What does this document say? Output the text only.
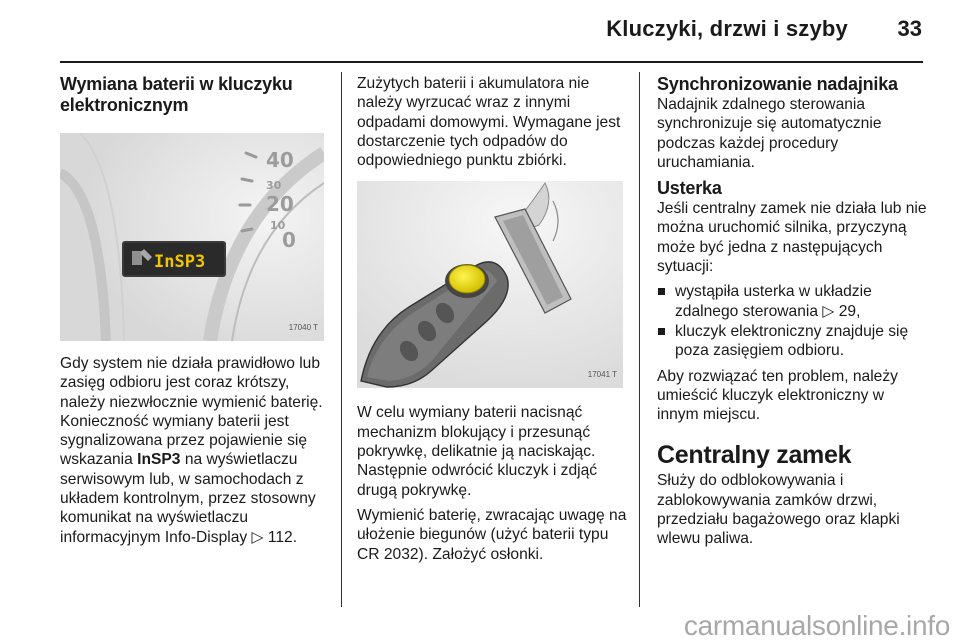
Kluczyki, drzwi i szyby 33
Wymiana baterii w kluczyku elektronicznym
40
30
20
10
0
InSP3
17040 T

Gdy system nie działa prawidłowo lub zasięg odbioru jest coraz krótszy, należy niezwłocznie wymienić baterię. Konieczność wymiany baterii jest sygnalizowana przez pojawienie się wskazania InSP3 na wyświetlaczu serwisowym lub, w samochodach z układem kontrolnym, przez stosowny komunikat na wyświetlaczu informacyjnym Info-Display ▷ 112.

Zużytych baterii i akumulatora nie należy wyrzucać wraz z innymi odpadami domowymi. Wymagane jest dostarczenie tych odpadów do odpowiedniego punktu zbiórki.

17041 T

W celu wymiany baterii nacisnąć mechanizm blokujący i przesunąć pokrywkę, delikatnie ją naciskając. Następnie odwrócić kluczyk i zdjąć drugą pokrywkę.

Wymienić baterię, zwracając uwagę na ułożenie biegunów (użyć baterii typu CR 2032). Założyć osłonki.

Synchronizowanie nadajnika

Nadajnik zdalnego sterowania synchronizuje się automatycznie podczas każdej procedury uruchamiania.

Usterka

Jeśli centralny zamek nie działa lub nie można uruchomić silnika, przyczyną może być jedna z następujących sytuacji:

wystąpiła usterka w układzie zdalnego sterowania ▷ 29,
kluczyk elektroniczny znajduje się poza zasięgiem odbioru.

Aby rozwiązać ten problem, należy umieścić kluczyk elektroniczny w innym miejscu.

Centralny zamek

Służy do odblokowywania i zablokowywania zamków drzwi, przedziału bagażowego oraz klapki wlewu paliwa.

carmanualsonline.info
